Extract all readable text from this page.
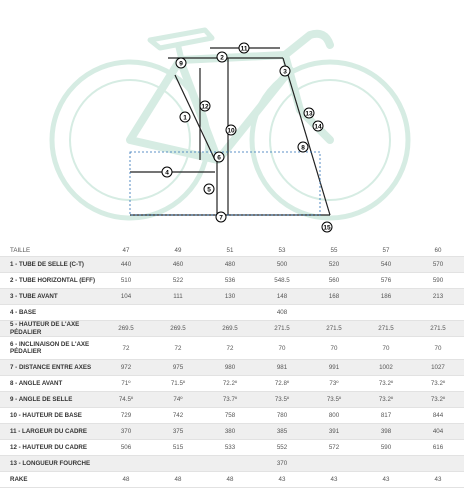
1
2
3
4
5
6
7
8
9
10
11
12
13
14
15
TAILLE	47	49	51	53	55	57	60
1 - TUBE DE SELLE (C-T)	440	460	480	500	520	540	570
2 - TUBE HORIZONTAL (EFF)	510	522	536	548.5	560	576	590
3 - TUBE AVANT	104	111	130	148	168	186	213
4 - BASE				408			
5 - HAUTEUR DE L'AXE PÉDALIER	269.5	269.5	269.5	271.5	271.5	271.5	271.5
6 - INCLINAISON DE L'AXE PÉDALIER	72	72	72	70	70	70	70
7 - DISTANCE ENTRE AXES	972	975	980	981	991	1002	1027
8 - ANGLE AVANT	71º	71.5º	72.2º	72.8º	73º	73.2º	73.2º
9 - ANGLE DE SELLE	74.5º	74º	73.7º	73.5º	73.5º	73.2º	73.2º
10 - HAUTEUR DE BASE	729	742	758	780	800	817	844
11 - LARGEUR DU CADRE	370	375	380	385	391	398	404
12 - HAUTEUR DU CADRE	506	515	533	552	572	590	616
13 - LONGUEUR FOURCHE				370			
RAKE	48	48	48	43	43	43	43
